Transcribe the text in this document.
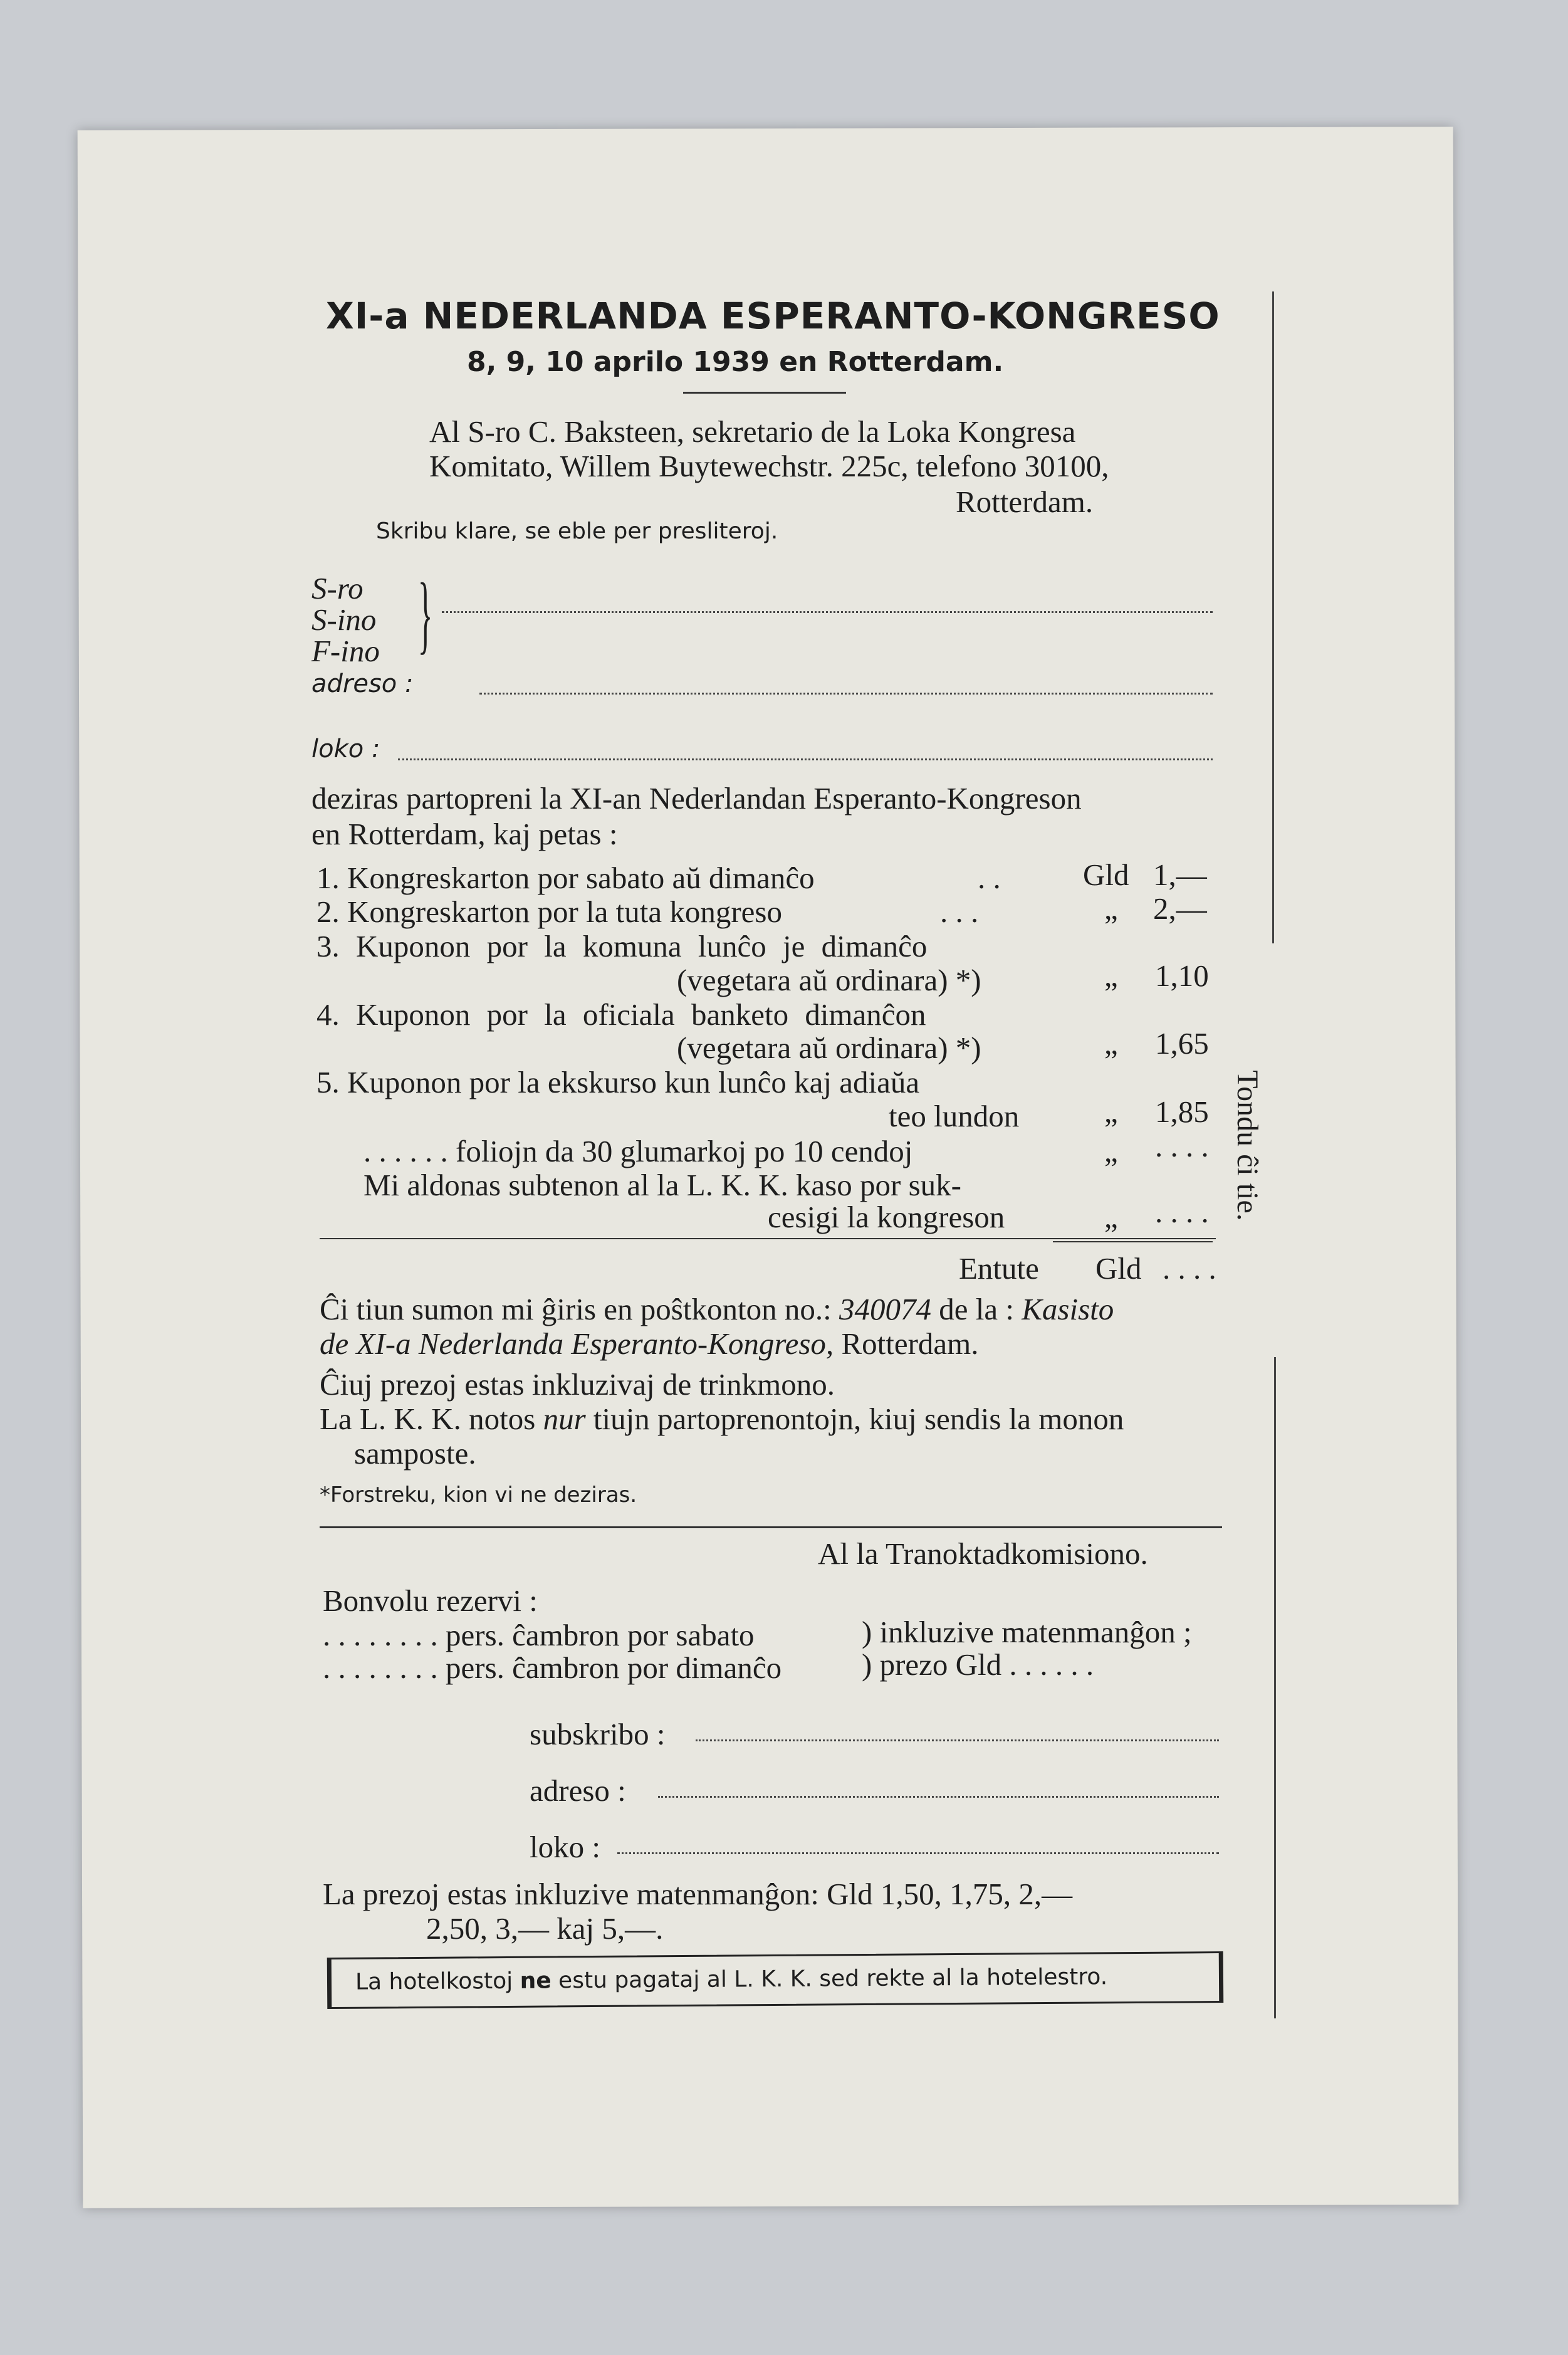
XI-a NEDERLANDA ESPERANTO-KONGRESO
8, 9, 10 aprilo 1939 en Rotterdam.
Al S-ro C. Baksteen, sekretario de la Loka Kongresa
Komitato, Willem Buytewechstr. 225c, telefono 30100,
Rotterdam.
Skribu klare, se eble per presliteroj.
S-ro
S-ino
F-ino }
adreso :
loko :
deziras partopreni la XI-an Nederlandan Esperanto-Kongreson
en Rotterdam, kaj petas :
1. Kongreskarton por sabato aŭ dimanĉo	. .	Gld 1,—
2. Kongreskarton por la tuta kongreso	. . .	„ 2,—
3. Kuponon por la komuna lunĉo je dimanĉo
(vegetara aŭ ordinara) *)	„ 1,10
4. Kuponon por la oficiala banketo dimanĉon
(vegetara aŭ ordinara) *)	„ 1,65
5. Kuponon por la ekskurso kun lunĉo kaj adiaŭa
teo lundon	„ 1,85
. . . . . . foliojn da 30 glumarkoj po 10 cendoj	„ . . . .
Mi aldonas subtenon al la L. K. K. kaso por suk-
cesigi la kongreson	„ . . . .
Entute Gld . . . .
Ĉi tiun sumon mi ĝiris en poŝtkonton no.: 340074 de la : Kasisto
de XI-a Nederlanda Esperanto-Kongreso, Rotterdam.
Ĉiuj prezoj estas inkluzivaj de trinkmono.
La L. K. K. notos nur tiujn partoprenontojn, kiuj sendis la monon
samposte.
*Forstreku, kion vi ne deziras.
Al la Tranoktadkomisiono.
Bonvolu rezervi :
. . . . . . . . pers. ĉambron por sabato
. . . . . . . . pers. ĉambron por dimanĉo
) inkluzive matenmanĝon ;
) prezo Gld . . . . . .
subskribo :
adreso :
loko :
La prezoj estas inkluzive matenmanĝon: Gld 1,50, 1,75, 2,—
2,50, 3,— kaj 5,—.
La hotelkostoj ne estu pagataj al L. K. K. sed rekte al la hotelestro.
Tondu ĉi tie.
